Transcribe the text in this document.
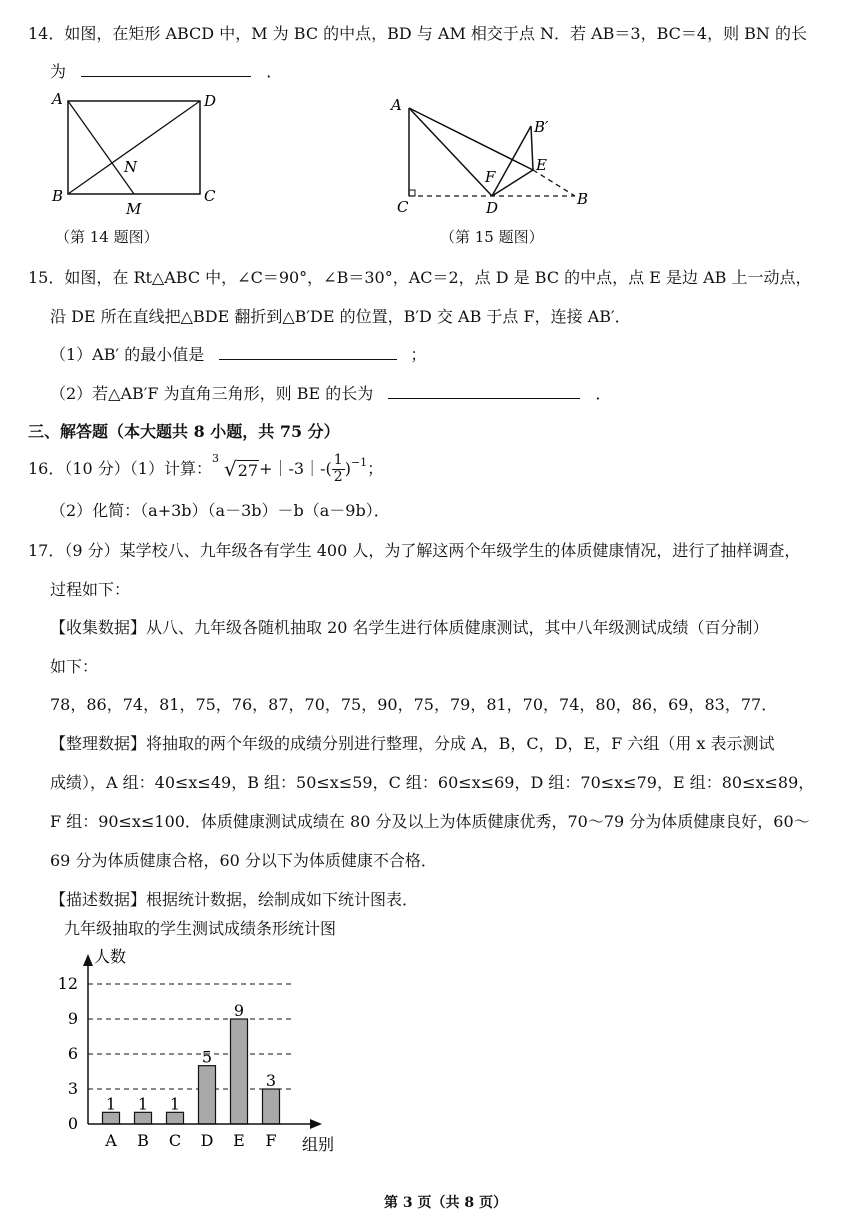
14．如图，在矩形 ABCD 中，M 为 BC 的中点，BD 与 AM 相交于点 N．若 AB＝3，BC＝4，则 BN 的长
为	．
A	D
B	C
M
N
（第 14 题图）
A
B′
E
F
C	D	B
（第 15 题图）
15．如图，在 Rt△ABC 中，∠C＝90°，∠B＝30°，AC＝2，点 D 是 BC 的中点，点 E 是边 AB 上一动点，
沿 DE 所在直线把△BDE 翻折到△B′DE 的位置，B′D 交 AB 于点 F，连接 AB′．
（1）AB′ 的最小值是	；
（2）若△AB′F 为直角三角形，则 BE 的长为	．
三、解答题（本大题共 8 小题，共 75 分）
16．（10 分）（1）计算：
3 √27 +｜-3｜-( $\frac{1}{2} )^{-1}$ ；
（2）化简：（a+3b）（a－3b）－b（a－9b）．
17．（9 分）某学校八、九年级各有学生 400 人，为了解这两个年级学生的体质健康情况，进行了抽样调查，
过程如下：
【收集数据】从八、九年级各随机抽取 20 名学生进行体质健康测试，其中八年级测试成绩（百分制）
如下：
78，86，74，81，75，76，87，70，75，90，75，79，81，70，74，80，86，69，83，77．
【整理数据】将抽取的两个年级的成绩分别进行整理，分成 A，B，C，D，E，F 六组（用 x 表示测试
成绩），A 组：40≤x≤49，B 组：50≤x≤59，C 组：60≤x≤69，D 组：70≤x≤79，E 组：80≤x≤89，
F 组：90≤x≤100．体质健康测试成绩在 80 分及以上为体质健康优秀，70～79 分为体质健康良好，60～
69 分为体质健康合格，60 分以下为体质健康不合格．
【描述数据】根据统计数据，绘制成如下统计图表．
九年级抽取的学生测试成绩条形统计图
1 1 1
5
9
3
人数
组别
0
3
6
9
12
A B C D E F
第 3 页（共 8 页）
